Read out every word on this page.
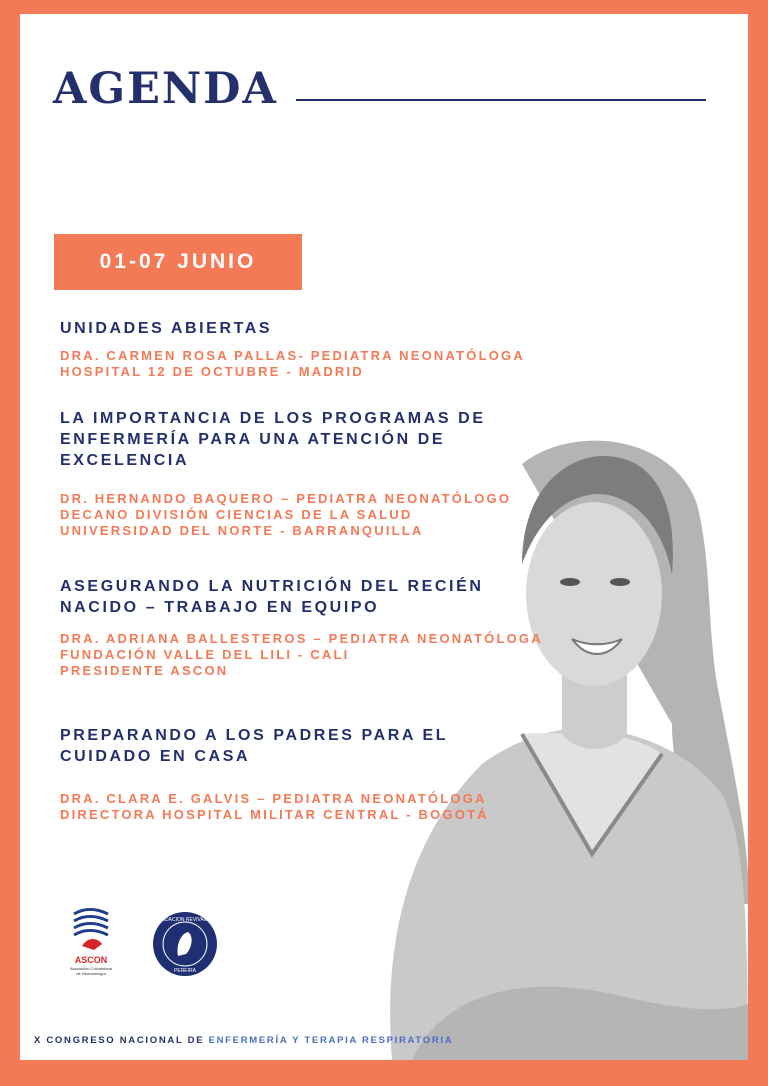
AGENDA
01-07 JUNIO
UNIDADES ABIERTAS
DRA. CARMEN ROSA PALLAS- PEDIATRA NEONATÓLOGA
HOSPITAL 12 DE OCTUBRE - MADRID
LA IMPORTANCIA DE LOS PROGRAMAS DE
ENFERMERÍA PARA UNA ATENCIÓN DE
EXCELENCIA
DR. HERNANDO BAQUERO – PEDIATRA NEONATÓLOGO
DECANO DIVISIÓN CIENCIAS DE LA SALUD
UNIVERSIDAD DEL NORTE - BARRANQUILLA
ASEGURANDO LA NUTRICIÓN DEL RECIÉN
NACIDO – TRABAJO EN EQUIPO
DRA. ADRIANA BALLESTEROS – PEDIATRA NEONATÓLOGA
FUNDACIÓN VALLE DEL LILI - CALI
PRESIDENTE ASCON
PREPARANDO A LOS PADRES PARA EL
CUIDADO EN CASA
DRA. CLARA E. GALVIS – PEDIATRA NEONATÓLOGA
DIRECTORA HOSPITAL MILITAR CENTRAL - BOGOTÁ
ASCON
Asociación Colombiana
de Neonatología
FUNDACION REVIVAMOS
PEREIRA
X CONGRESO NACIONAL DE ENFERMERÍA Y TERAPIA RESPIRATORIA
